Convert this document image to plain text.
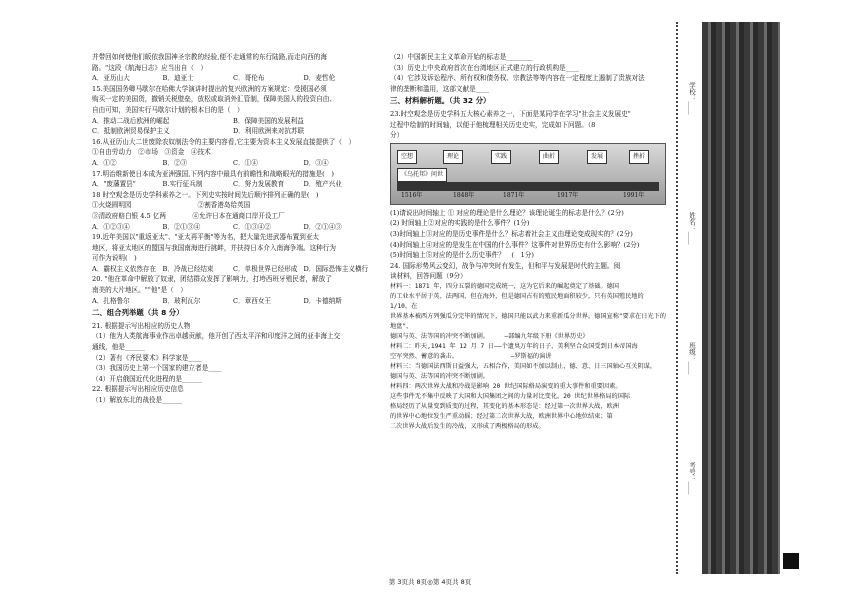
并带回如何使他们皈依我国神圣宗教的经验,便不走通常的东行陆路,而走向西的海

路。"这段《航海日志》应当出自（　）

A．亚历山大	B．迪亚士	C．哥伦布	D．麦哲伦

15.美国国务卿马歇尔在哈佛大学演讲时提出的复兴欧洲的方案规定：受援国必须

购买一定的美国货，撤销关税壁垒，放松或取消外汇管制，保障美国人的投资自由、

自由可知，美国实行马歇尔计划的根本目的是（　）

A．推动二战后欧洲的崛起	B．保障美国的发展利益
C．抵制欧洲贸易保护主义	D．利用欧洲来对抗苏联

16.从亚历山大二世废除农奴制法令的主要内容看,它主要为资本主义发展直接提供了（　）

①自由劳动力　②市场　③资金　④技术

A．①②	B．②③	C．①④	D．③④

17.明治维新使日本成为亚洲强国,下列内容中最具有前瞻性和战略眼光的措施是(　)

A．"废藩置县"	B.实行征兵制	C．努力发展教育	D．殖产兴业

18 时空观念是历史学科素养之一。下列史实按时间先后顺序排列正确的是(　)

①火烧圆明园　　　　　　　　　　②割香港岛给英国

③清政府赔白银 4.5 亿两　　　　④允许日本在通商口岸开设工厂

A．①②③④	B．②①③④	C．①③④②	D．②①④③

19.近年美国以"重返亚太"、"亚太再平衡"等为名，把大量先进武器布置到亚太

地区，将亚太地区的盟国与我国南海进行挑衅，并扶持日本介入南海争端。这种行为

可作为说明(　)

A．霸权主义依然存在 B．冷战已经结束	C．单极世界已经形成 D．国际恐怖主义横行

20. "他在革命中解放了奴隶，团结群众发挥了影响力，打垮西班牙殖民者，解放了

南美的大片地区。""他"是（　）

A．扎格鲁尔	B．玻利瓦尔	C．章西女王	D．卡德纳斯

二、组合列举题（共 8 分）

21. 根据提示写出相应的历史人物

（1）他为人类航海事业作出卓越贡献，他开创了西太平洋和印度洋之间的亚非海上交

通线，他是______

（2）著有《齐民要术》科学家是____

（3）我国历史上第一个国家的建立者是____

（4）开启俄国近代化进程的是______

22. 根据提示写出相应历史信息

（1）解放东北的战役是______

（2）中国新民主主义革命开始的标志是________

（3）历史上中央政府首次在台湾地区正式建立的行政机构是____

（4）它涉及诉讼程序、所有权和债务权、宗教法等等内容在一定程度上遏制了贵族对法

律的垄断和滥用，这部文献是____

三、材料解析题。（共 32 分）

23.时空观念是历史学科五大核心素养之一，下面是某同学在学习"社会主义发展史"

过程中绘制的时间轴，以便于他梳理相关历史史实，完成如下问题。（8

分）

空想	理论	实践	曲折	发展	挫折
《乌托邦》问世
1516年	1848年	1871年	1917年	1991年

(1)请说出时间轴上 ① 对应的理论是什么理论？该理论诞生的标志是什么？(2分)

(2) 时间轴上②对应的实践的是什么事件？(1分)

(3)时间轴上③对应的是历史事件是什么？标志着社会主义由理论变成现实的？(2分)

(4)时间轴上④对应的是发生在中国的什么事件？这事件对世界历史有什么影响？(2分)

(5)时间轴上⑤对应的是什么历史事件？　(　1分)

24. 国际形势风云变幻，战争与冲突时有发生，但和平与发展是时代的主题。阅

读材料，回答问题（9分）

材料一：1871 年，四分五裂的德国完成统一，这为它后来的崛起奠定了基础。德国

的工业水平居于英、法两国、但在海外，但是德国占有的殖民地面积较少，只有英国殖民地的 1/10。在

世界基本被西方列强瓜分完毕的情况下，德国只能以武力来重新瓜分世界。德国宣称"要求在日光下的地盘"，

德国与英、法等国的冲突不断加剧。　　　—部编九年级下册《世界历史》

材料二：昨天,1941 年 12 月 7 日——个遗臭万年的日子，美利坚合众国受到日本帝国海

空军突然、蓄意的袭击。　　　　　　　　　—罗斯福的演讲

材料三：当德国法西斯日益强大，五相合作，美国如不加以制止，德、意、日三国轴心互关阴谋，

德国与英、法等国的冲突不断加剧。

材料四：两次世界大战和冷战是影响 20 世纪国际格局演变的重大事件和重要因素。

这些事件无不集中反映了大国和大国集团之间的力量对比变化。20 世纪世界格局的国际

格局经历了从量变到质变的过程，其变化的基本形态是：经过第一次世界大战，欧洲

的世界中心地位发生严重动摇；经过第二次世界大战，欧洲世界中心地位结束；第

二次世界大战后发生的冷战，又形成了两极格局的形成。

第 3页共 8页◎第 4页共 8页
学校：____
姓名：____
班级：____
考号：____
